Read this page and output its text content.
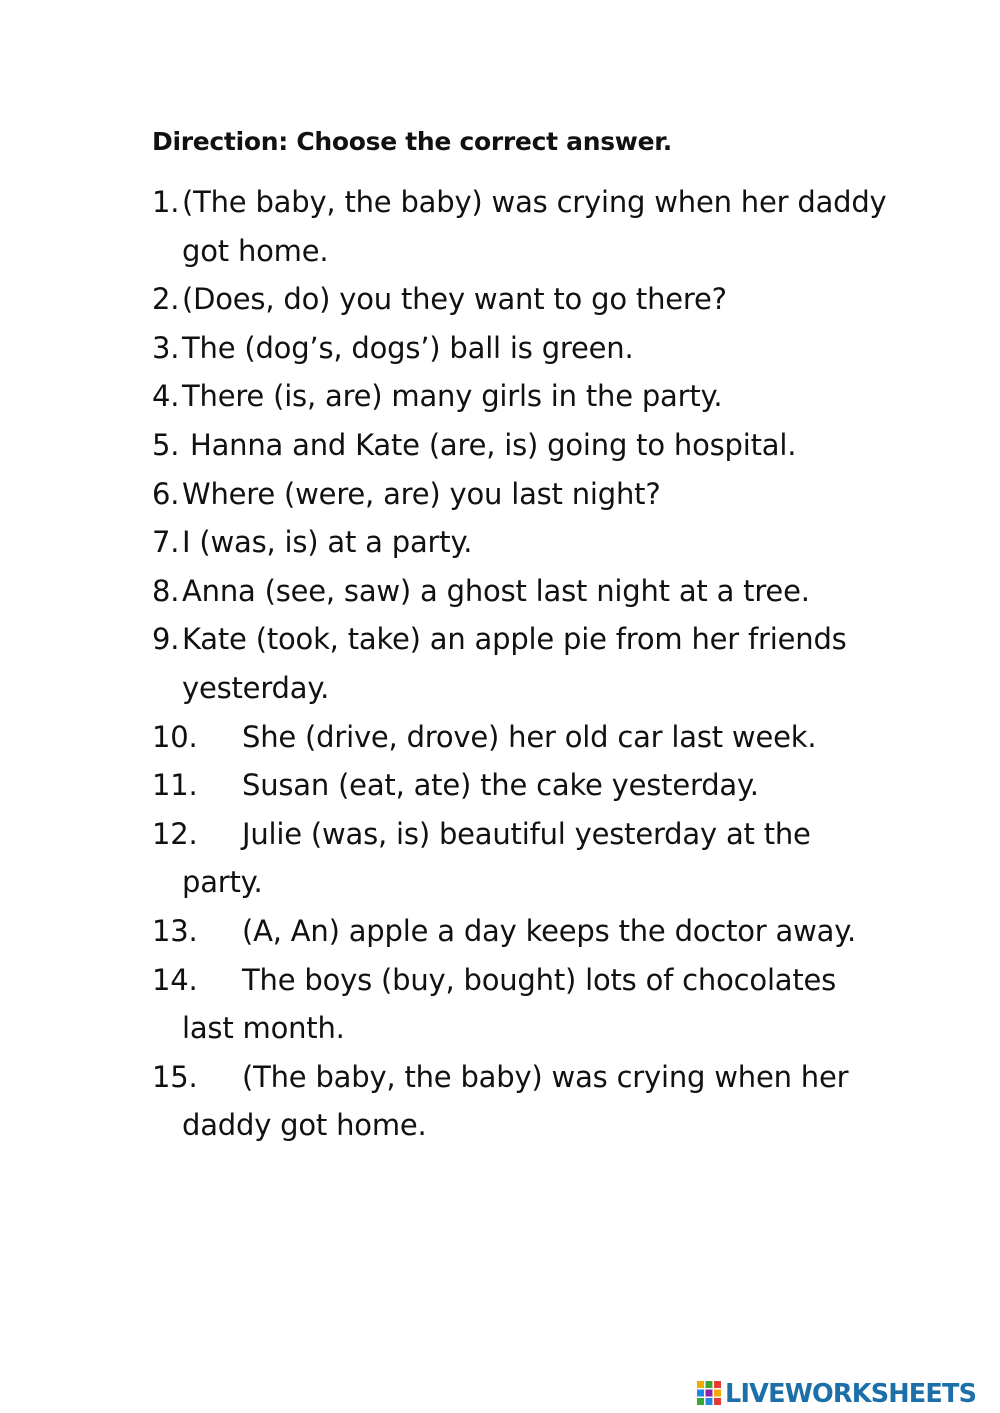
Direction: Choose the correct answer.
1. (The baby, the baby) was crying when her daddy got home.
2. (Does, do) you they want to go there?
3. The (dog’s, dogs’) ball is green.
4. There (is, are) many girls in the party.
5. Hanna and Kate (are, is) going to hospital.
6. Where (were, are) you last night?
7. I (was, is) at a party.
8. Anna (see, saw) a ghost last night at a tree.
9. Kate (took, take) an apple pie from her friends yesterday.
10.	She (drive, drove) her old car last week.
11.	Susan (eat, ate) the cake yesterday.
12.	Julie (was, is) beautiful yesterday at the party.
13.	(A, An) apple a day keeps the doctor away.
14.	The boys (buy, bought) lots of chocolates last month.
15.	(The baby, the baby) was crying when her daddy got home.
LIVEWORKSHEETS
